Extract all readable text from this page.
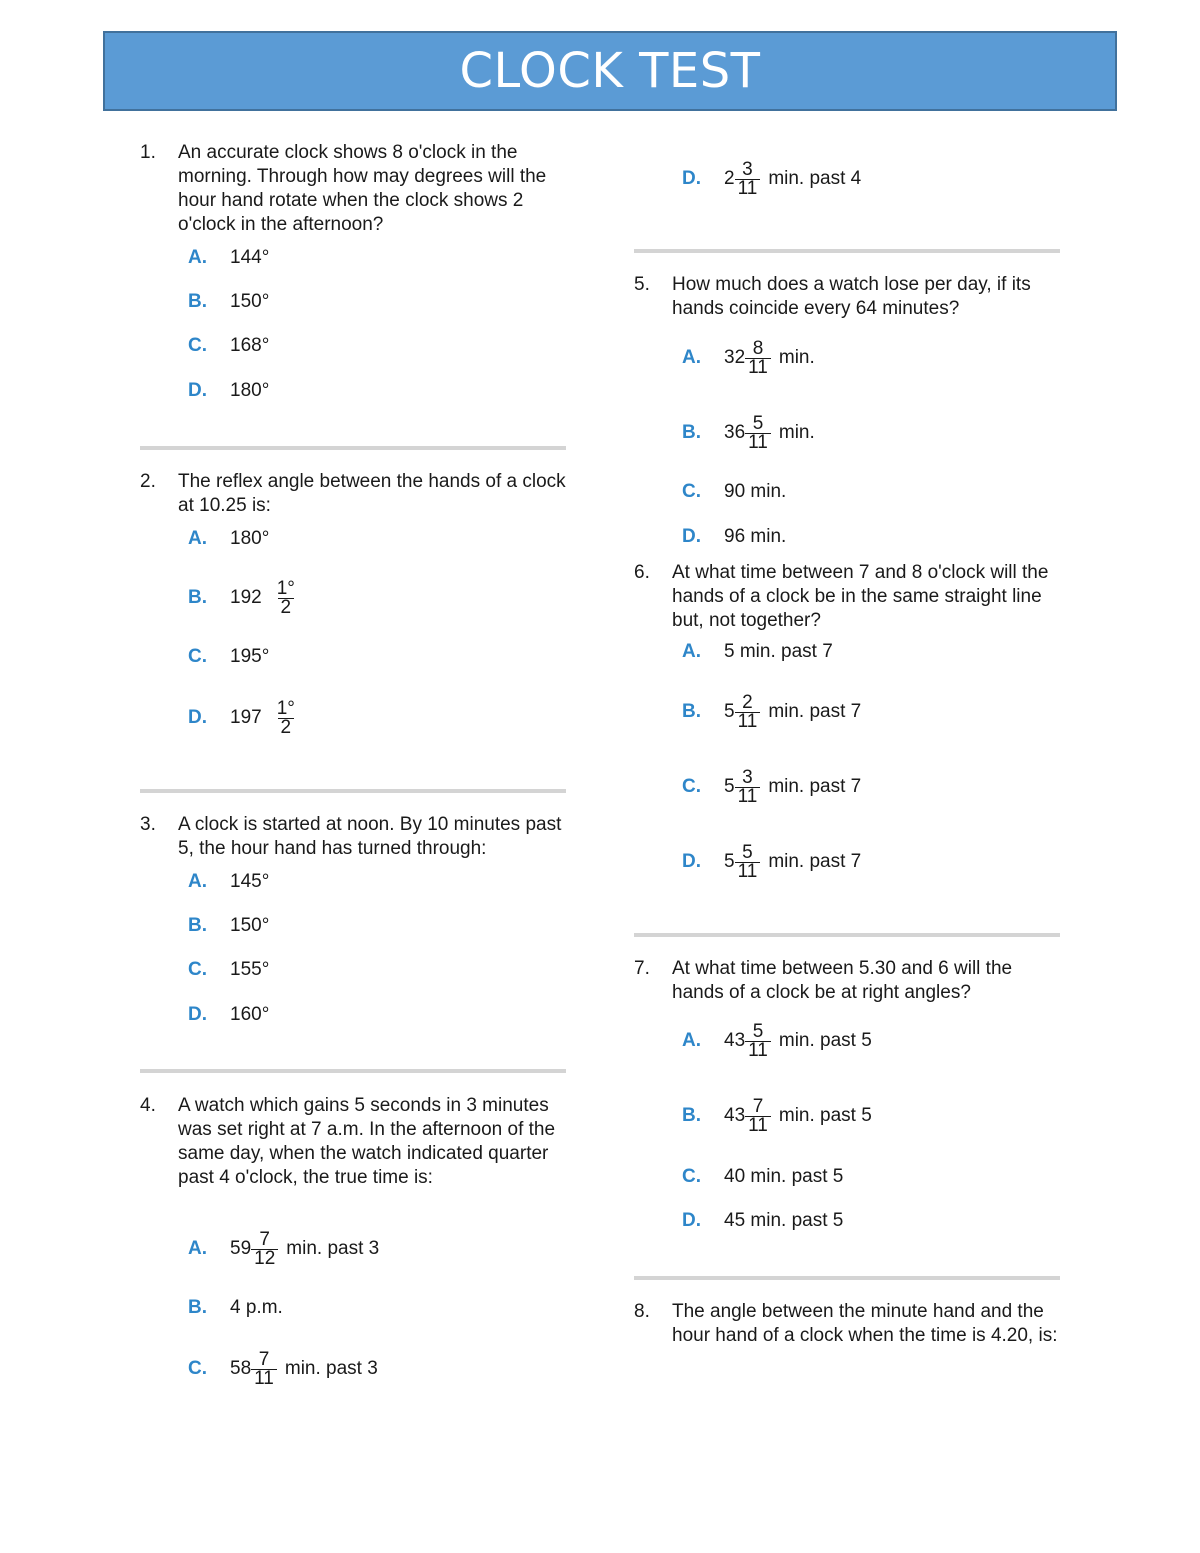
CLOCK TEST
1. An accurate clock shows 8 o'clock in the morning. Through how may degrees will the hour hand rotate when the clock shows 2 o'clock in the afternoon?
A.	144°
B.	150°
C.	168°
D.	180°
2. The reflex angle between the hands of a clock at 10.25 is:
A.	180°
B.	$192 \frac{1^\circ}{2}$
C.	195°
D.	$197 \frac{1^\circ}{2}$
3. A clock is started at noon. By 10 minutes past 5, the hour hand has turned through:
A.	145°
B.	150°
C.	155°
D.	160°
4. A watch which gains 5 seconds in 3 minutes was set right at 7 a.m. In the afternoon of the same day, when the watch indicated quarter past 4 o'clock, the true time is:
A.	$59 \frac{7}{12} \min$. past 3
B.	4 p.m.
C.	$58 \frac{7}{11} \min$. past 3
D.	$2 \frac{3}{11} \min$. past 4
5. How much does a watch lose per day, if its hands coincide every 64 minutes?
A.	$32 \frac{8}{11} \min$.
B.	$36 \frac{5}{11} \min$.
C.	90 min.
D.	96 min.
6. At what time between 7 and 8 o'clock will the hands of a clock be in the same straight line but, not together?
A.	5 min. past 7
B.	$5 \frac{2}{11} \min$. past 7
C.	$5 \frac{3}{11} \min$. past 7
D.	$5 \frac{5}{11} \min$. past 7
7. At what time between 5.30 and 6 will the hands of a clock be at right angles?
A.	$43 \frac{5}{11} \min$. past 5
B.	$43 \frac{7}{11} \min$. past 5
C.	40 min. past 5
D.	45 min. past 5
8. The angle between the minute hand and the hour hand of a clock when the time is 4.20, is:
